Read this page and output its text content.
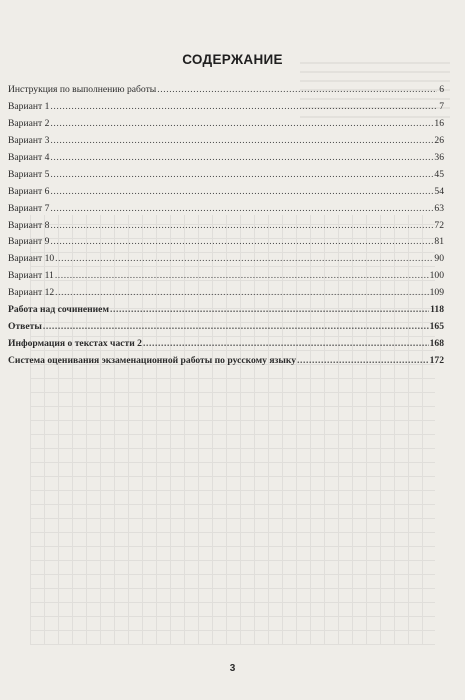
СОДЕРЖАНИЕ
Инструкция по выполнению работы .....	6
Вариант 1 .....	7
Вариант 2 .....	16
Вариант 3 .....	26
Вариант 4 .....	36
Вариант 5 .....	45
Вариант 6 .....	54
Вариант 7 .....	63
Вариант 8 .....	72
Вариант 9 .....	81
Вариант 10 .....	90
Вариант 11 .....	100
Вариант 12 .....	109
Работа над сочинением .....	118
Ответы .....	165
Информация о текстах части 2 .....	168
Система оценивания экзаменационной работы по русскому языку .....	172
3
